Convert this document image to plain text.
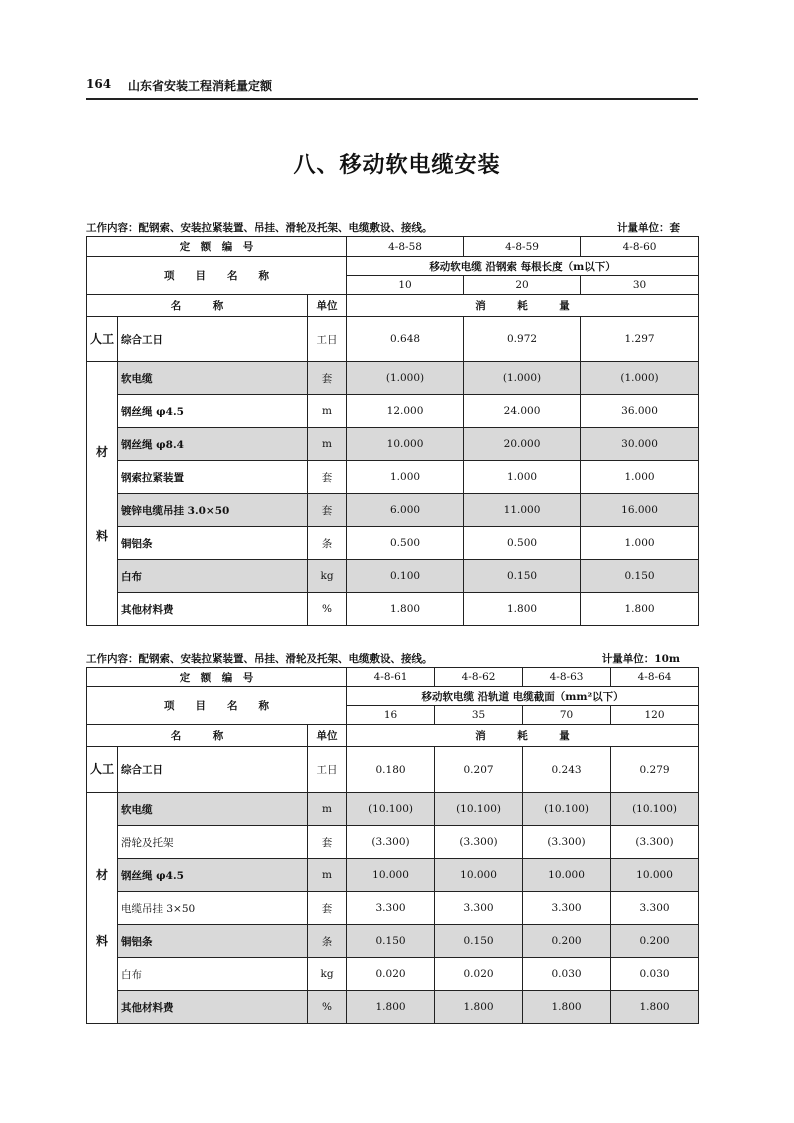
164 山东省安装工程消耗量定额
八、移动软电缆安装
工作内容：配钢索、安装拉紧装置、吊挂、滑轮及托架、电缆敷设、接线。	计量单位：套
定　额　编　号			4-8-58	4-8-59	4-8-60
项　　目　　名　　称			移动软电缆 沿钢索 每根长度（m以下）		
			10	20	30
名　　　称		单位	消　　　耗　　　量		
人工	综合工日	工日	0.648	0.972	1.297

材
料	软电缆	套	(1.000)	(1.000)	(1.000)
	钢丝绳 φ4.5	m	12.000	24.000	36.000
	钢丝绳 φ8.4	m	10.000	20.000	30.000
	钢索拉紧装置	套	1.000	1.000	1.000
	镀锌电缆吊挂 3.0×50	套	6.000	11.000	16.000
	铜铝条	条	0.500	0.500	1.000
	白布	kg	0.100	0.150	0.150
	其他材料费	%	1.800	1.800	1.800
工作内容：配钢索、安装拉紧装置、吊挂、滑轮及托架、电缆敷设、接线。	计量单位：10m
定　额　编　号			4-8-61	4-8-62	4-8-63	4-8-64
项　　目　　名　　称			移动软电缆 沿轨道 电缆截面（mm²以下）			
			16	35	70	120
名　　　称		单位	消　　　耗　　　量			
人工	综合工日	工日	0.180	0.207	0.243	0.279

材
料	软电缆	m	(10.100)	(10.100)	(10.100)	(10.100)
	滑轮及托架	套	(3.300)	(3.300)	(3.300)	(3.300)
	钢丝绳 φ4.5	m	10.000	10.000	10.000	10.000
	电缆吊挂 3×50	套	3.300	3.300	3.300	3.300
	铜铝条	条	0.150	0.150	0.200	0.200
	白布	kg	0.020	0.020	0.030	0.030
	其他材料费	%	1.800	1.800	1.800	1.800
